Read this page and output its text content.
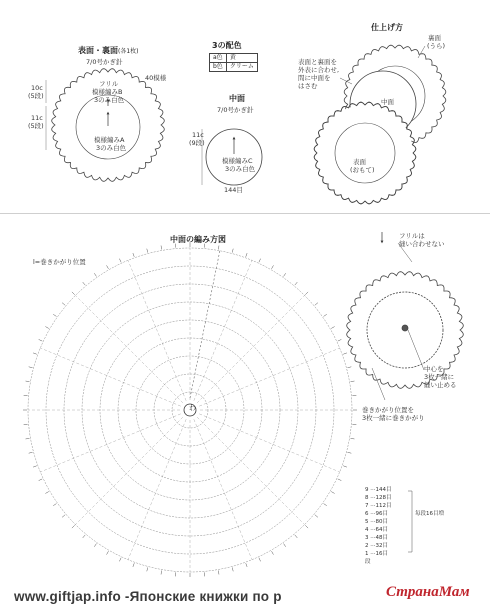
表面・裏面(各1枚)
7/0号かぎ針
40模様
10c
(5段)
11c
(5段)
フリル
模様編みB
3のみ白色
模様編みA
3のみ白色
3の配色
a色	黄
b色	クリーム
中面
7/0号かぎ針
11c
(9段)
模様編みC
3のみ白色
144目
仕上げ方
裏面
(うら)
表面と裏面を
外表に合わせ,
間に中面を
はさむ
中面
表面
(おもて)
中面の編み方図
l=巻きかがり位置
わ
フリルは
縫い合わせない
中心を
3枚一緒に
縫い止める
巻きかがり位置を
3枚一緒に巻きかがり
9 ···144目
8 ···128目
7 ···112目
6 ···96目
5 ···80目
4 ···64目
3 ···48目
2 ···32目
1 ···16目
段
毎段16目増
www.giftjap.info -Японские книжки по р	СтранаМам
